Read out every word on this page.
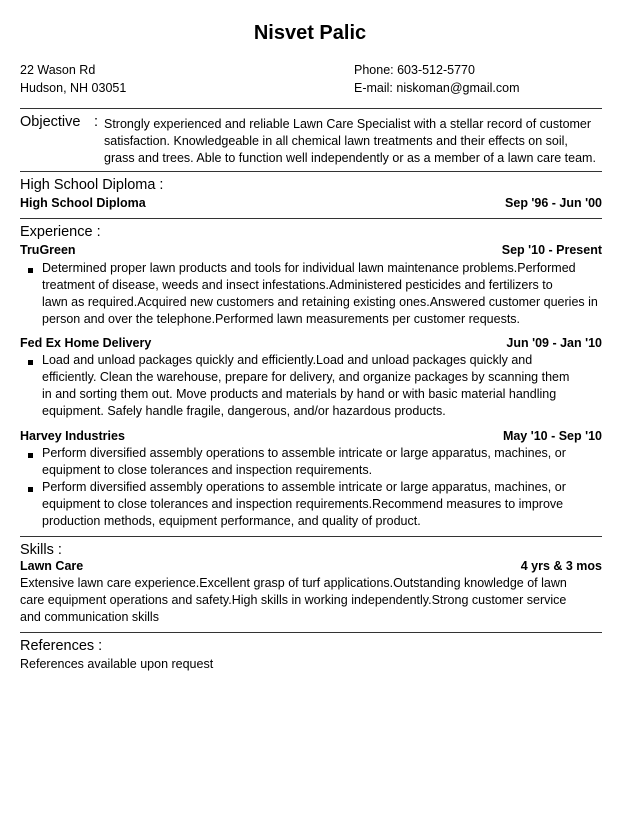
Nisvet Palic
22 Wason Rd
Hudson, NH 03051
Phone: 603-512-5770
E-mail: niskoman@gmail.com
Objective : Strongly experienced and reliable Lawn Care Specialist with a stellar record of customer
satisfaction. Knowledgeable in all chemical lawn treatments and their effects on soil,
grass and trees. Able to function well independently or as a member of a lawn care team.
High School Diploma :
High School Diploma	Sep '96 - Jun '00
Experience :
TruGreen	Sep '10 - Present
Determined proper lawn products and tools for individual lawn maintenance problems.Performed
treatment of disease, weeds and insect infestations.Administered pesticides and fertilizers to
lawn as required.Acquired new customers and retaining existing ones.Answered customer queries in
person and over the telephone.Performed lawn measurements per customer requests.
Fed Ex Home Delivery	Jun '09 - Jan '10
Load and unload packages quickly and efficiently.Load and unload packages quickly and
efficiently. Clean the warehouse, prepare for delivery, and organize packages by scanning them
in and sorting them out. Move products and materials by hand or with basic material handling
equipment. Safely handle fragile, dangerous, and/or hazardous products.
Harvey Industries	May '10 - Sep '10
Perform diversified assembly operations to assemble intricate or large apparatus, machines, or
equipment to close tolerances and inspection requirements.
Perform diversified assembly operations to assemble intricate or large apparatus, machines, or
equipment to close tolerances and inspection requirements.Recommend measures to improve
production methods, equipment performance, and quality of product.
Skills :
Lawn Care	4 yrs & 3 mos
Extensive lawn care experience.Excellent grasp of turf applications.Outstanding knowledge of lawn
care equipment operations and safety.High skills in working independently.Strong customer service
and communication skills
References :
References available upon request
